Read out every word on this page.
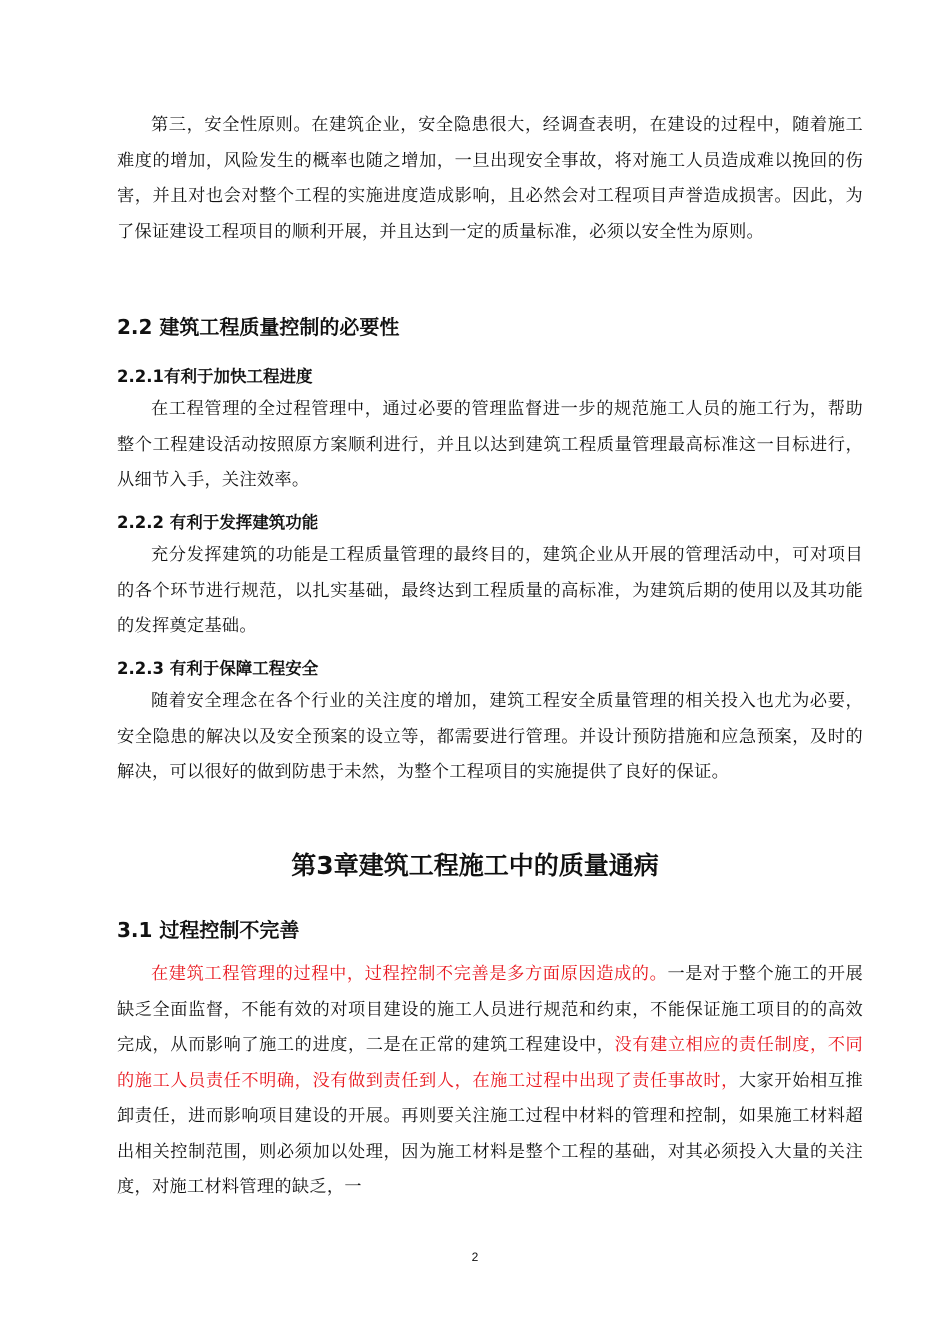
第三，安全性原则。在建筑企业，安全隐患很大，经调查表明，在建设的过程中，随着施工难度的增加，风险发生的概率也随之增加，一旦出现安全事故，将对施工人员造成难以挽回的伤害，并且对也会对整个工程的实施进度造成影响，且必然会对工程项目声誉造成损害。因此，为了保证建设工程项目的顺利开展，并且达到一定的质量标准，必须以安全性为原则。

2.2 建筑工程质量控制的必要性
2.2.1有利于加快工程进度

在工程管理的全过程管理中，通过必要的管理监督进一步的规范施工人员的施工行为，帮助整个工程建设活动按照原方案顺利进行，并且以达到建筑工程质量管理最高标准这一目标进行，从细节入手，关注效率。

2.2.2 有利于发挥建筑功能

充分发挥建筑的功能是工程质量管理的最终目的，建筑企业从开展的管理活动中，可对项目的各个环节进行规范，以扎实基础，最终达到工程质量的高标准，为建筑后期的使用以及其功能的发挥奠定基础。

2.2.3 有利于保障工程安全

随着安全理念在各个行业的关注度的增加，建筑工程安全质量管理的相关投入也尤为必要，安全隐患的解决以及安全预案的设立等，都需要进行管理。并设计预防措施和应急预案，及时的解决，可以很好的做到防患于未然，为整个工程项目的实施提供了良好的保证。

第3章建筑工程施工中的质量通病
3.1 过程控制不完善

在建筑工程管理的过程中，过程控制不完善是多方面原因造成的。一是对于整个施工的开展缺乏全面监督，不能有效的对项目建设的施工人员进行规范和约束，不能保证施工项目的的高效完成，从而影响了施工的进度，二是在正常的建筑工程建设中，没有建立相应的责任制度，不同的施工人员责任不明确，没有做到责任到人，在施工过程中出现了责任事故时，大家开始相互推卸责任，进而影响项目建设的开展。再则要关注施工过程中材料的管理和控制，如果施工材料超出相关控制范围，则必须加以处理，因为施工材料是整个工程的基础，对其必须投入大量的关注度，对施工材料管理的缺乏，一

2
